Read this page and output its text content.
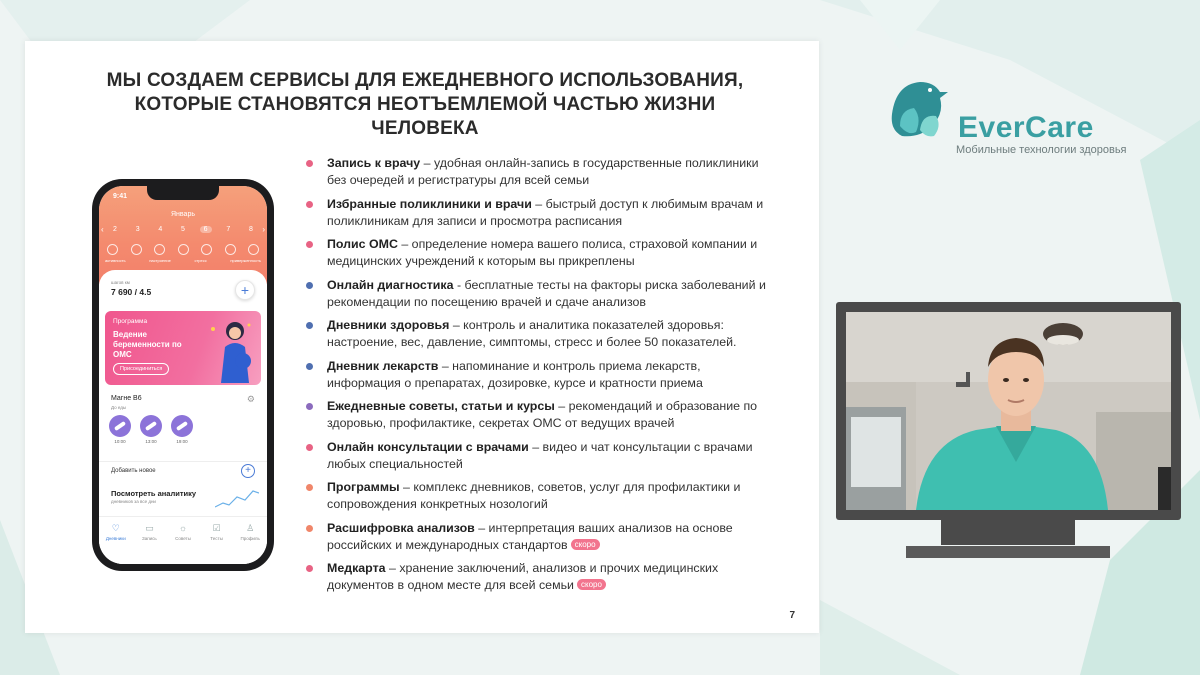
МЫ СОЗДАЕМ СЕРВИСЫ ДЛЯ ЕЖЕДНЕВНОГО ИСПОЛЬЗОВАНИЯ,
КОТОРЫЕ СТАНОВЯТСЯ НЕОТЪЕМЛЕМОЙ ЧАСТЬЮ ЖИЗНИ ЧЕЛОВЕКА
9:41
Январь
‹	2	3	4	5	6	7	8	›
активность	настроение	стресс	приверженность
шагов км
7 690 / 4.5	+
Программа
Ведение беременности по ОМС
Присоединиться
Магне В6
До еды
⚙
10:00	13:00	19:00
Добавить новое	+
Посмотреть аналитику
дневников за все дни
♡
Дневники
▭
Запись
☼
Советы
☑
Тесты
♙
Профиль
Запись к врачу – удобная онлайн-запись в государственные поликлиники без очередей и регистратуры для всей семьи
Избранные поликлиники и врачи – быстрый доступ к любимым врачам и поликлиникам для записи и просмотра расписания
Полис ОМС – определение номера вашего полиса, страховой компании и медицинских учреждений к которым вы прикреплены
Онлайн диагностика - бесплатные тесты на факторы риска заболеваний и рекомендации по посещению врачей и сдаче анализов
Дневники здоровья – контроль и аналитика показателей здоровья: настроение, вес, давление, симптомы, стресс и более 50 показателей.
Дневник лекарств – напоминание и контроль приема лекарств, информация о препаратах, дозировке, курсе и кратности приема
Ежедневные советы, статьи и курсы – рекомендаций и образование по здоровью, профилактике, секретах ОМС от ведущих врачей
Онлайн консультации с врачами – видео и чат консультации с врачами любых специальностей
Программы – комплекс дневников, советов, услуг для профилактики и сопровождения конкретных нозологий
Расшифровка анализов – интерпретация ваших анализов на основе российских и международных стандартов скоро
Медкарта – хранение заключений, анализов и прочих медицинских документов в одном месте для всей семьи скоро
7
EverCare
Мобильные технологии здоровья
